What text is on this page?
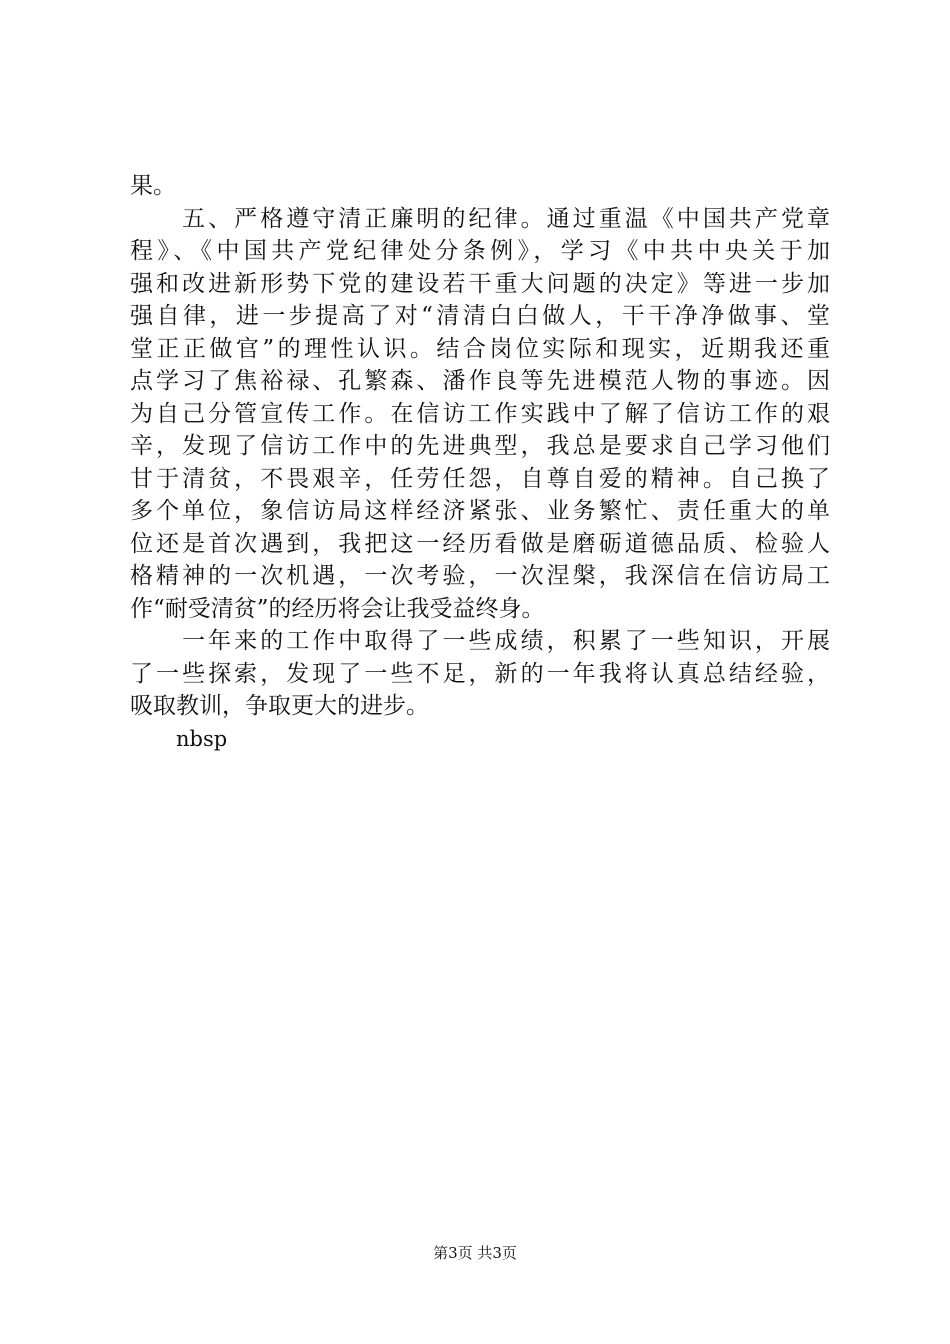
果。
　　五、严格遵守清正廉明的纪律。通过重温《中国共产党章
程》、《中国共产党纪律处分条例》，学习《中共中央关于加
强和改进新形势下党的建设若干重大问题的决定》等进一步加
强自律，进一步提高了对“清清白白做人，干干净净做事、堂
堂正正做官”的理性认识。结合岗位实际和现实，近期我还重
点学习了焦裕禄、孔繁森、潘作良等先进模范人物的事迹。因
为自己分管宣传工作。在信访工作实践中了解了信访工作的艰
辛，发现了信访工作中的先进典型，我总是要求自己学习他们
甘于清贫，不畏艰辛，任劳任怨，自尊自爱的精神。自己换了
多个单位，象信访局这样经济紧张、业务繁忙、责任重大的单
位还是首次遇到，我把这一经历看做是磨砺道德品质、检验人
格精神的一次机遇，一次考验，一次涅槃，我深信在信访局工
作“耐受清贫”的经历将会让我受益终身。
　　一年来的工作中取得了一些成绩，积累了一些知识，开展
了一些探索，发现了一些不足，新的一年我将认真总结经验，
吸取教训，争取更大的进步。
nbsp
第3页 共3页
